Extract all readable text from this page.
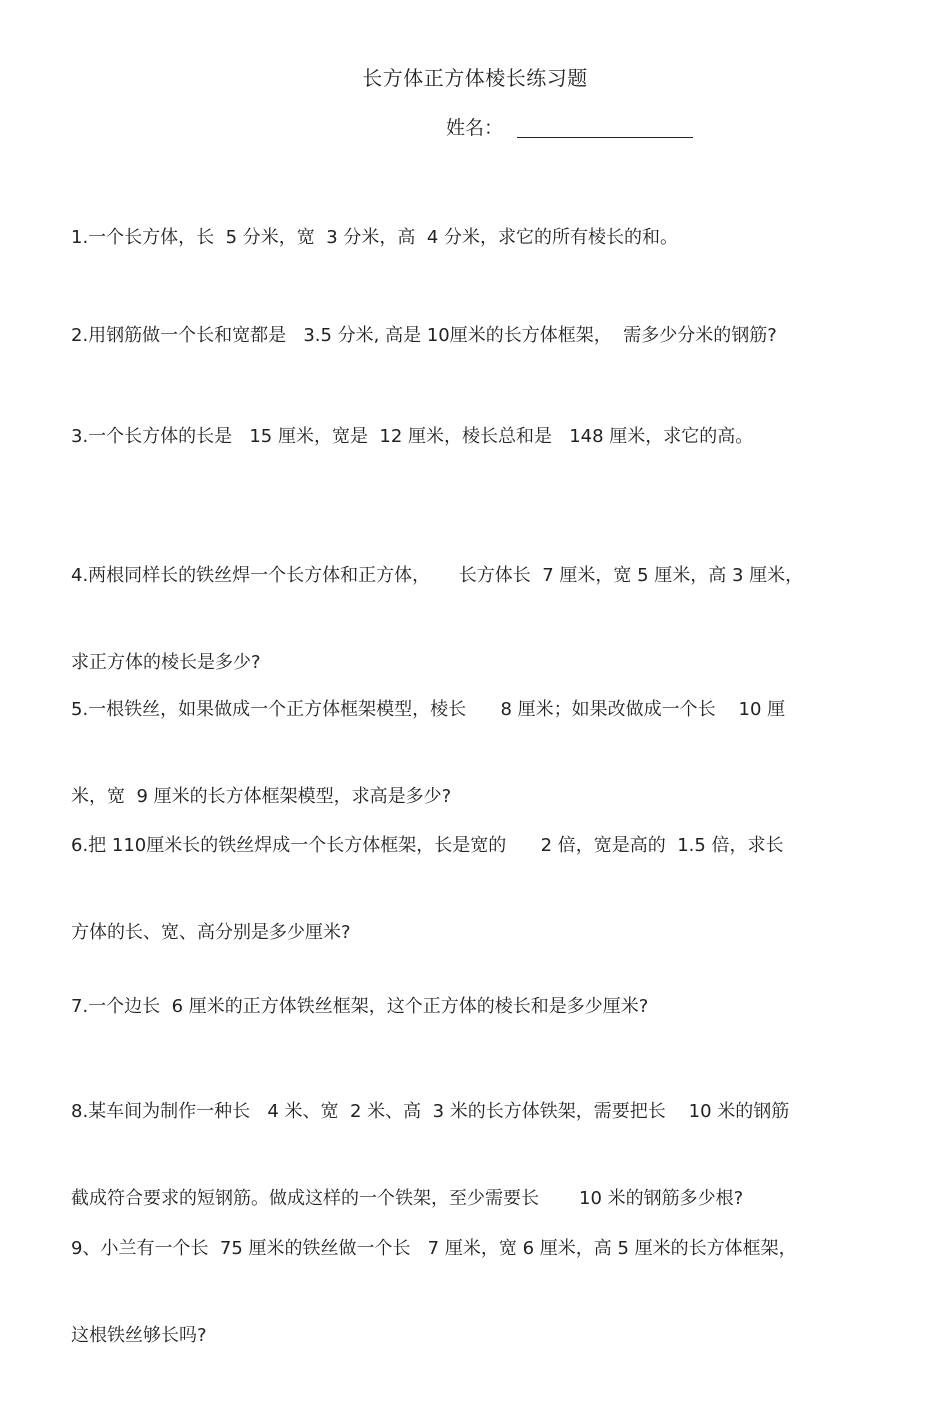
长方体正方体棱长练习题
姓名：

1.一个长方体，长  5 分米，宽  3 分米，高  4 分米，求它的所有棱长的和。

2.用钢筋做一个长和宽都是   3.5 分米, 高是 10厘米的长方体框架，  需多少分米的钢筋?

3.一个长方体的长是   15 厘米，宽是  12 厘米，棱长总和是   148 厘米，求它的高。

4.两根同样长的铁丝焊一个长方体和正方体，     长方体长  7 厘米，宽 5 厘米，高 3 厘米，

求正方体的棱长是多少?

5.一根铁丝，如果做成一个正方体框架模型，棱长      8 厘米；如果改做成一个长    10 厘

米，宽  9 厘米的长方体框架模型，求高是多少?

6.把 110厘米长的铁丝焊成一个长方体框架，长是宽的      2 倍，宽是高的  1.5 倍，求长

方体的长、宽、高分别是多少厘米?

7.一个边长  6 厘米的正方体铁丝框架，这个正方体的棱长和是多少厘米?

8.某车间为制作一种长   4 米、宽  2 米、高  3 米的长方体铁架，需要把长    10 米的钢筋

截成符合要求的短钢筋。做成这样的一个铁架，至少需要长       10 米的钢筋多少根?

9、小兰有一个长  75 厘米的铁丝做一个长   7 厘米，宽 6 厘米，高 5 厘米的长方体框架，

这根铁丝够长吗?
